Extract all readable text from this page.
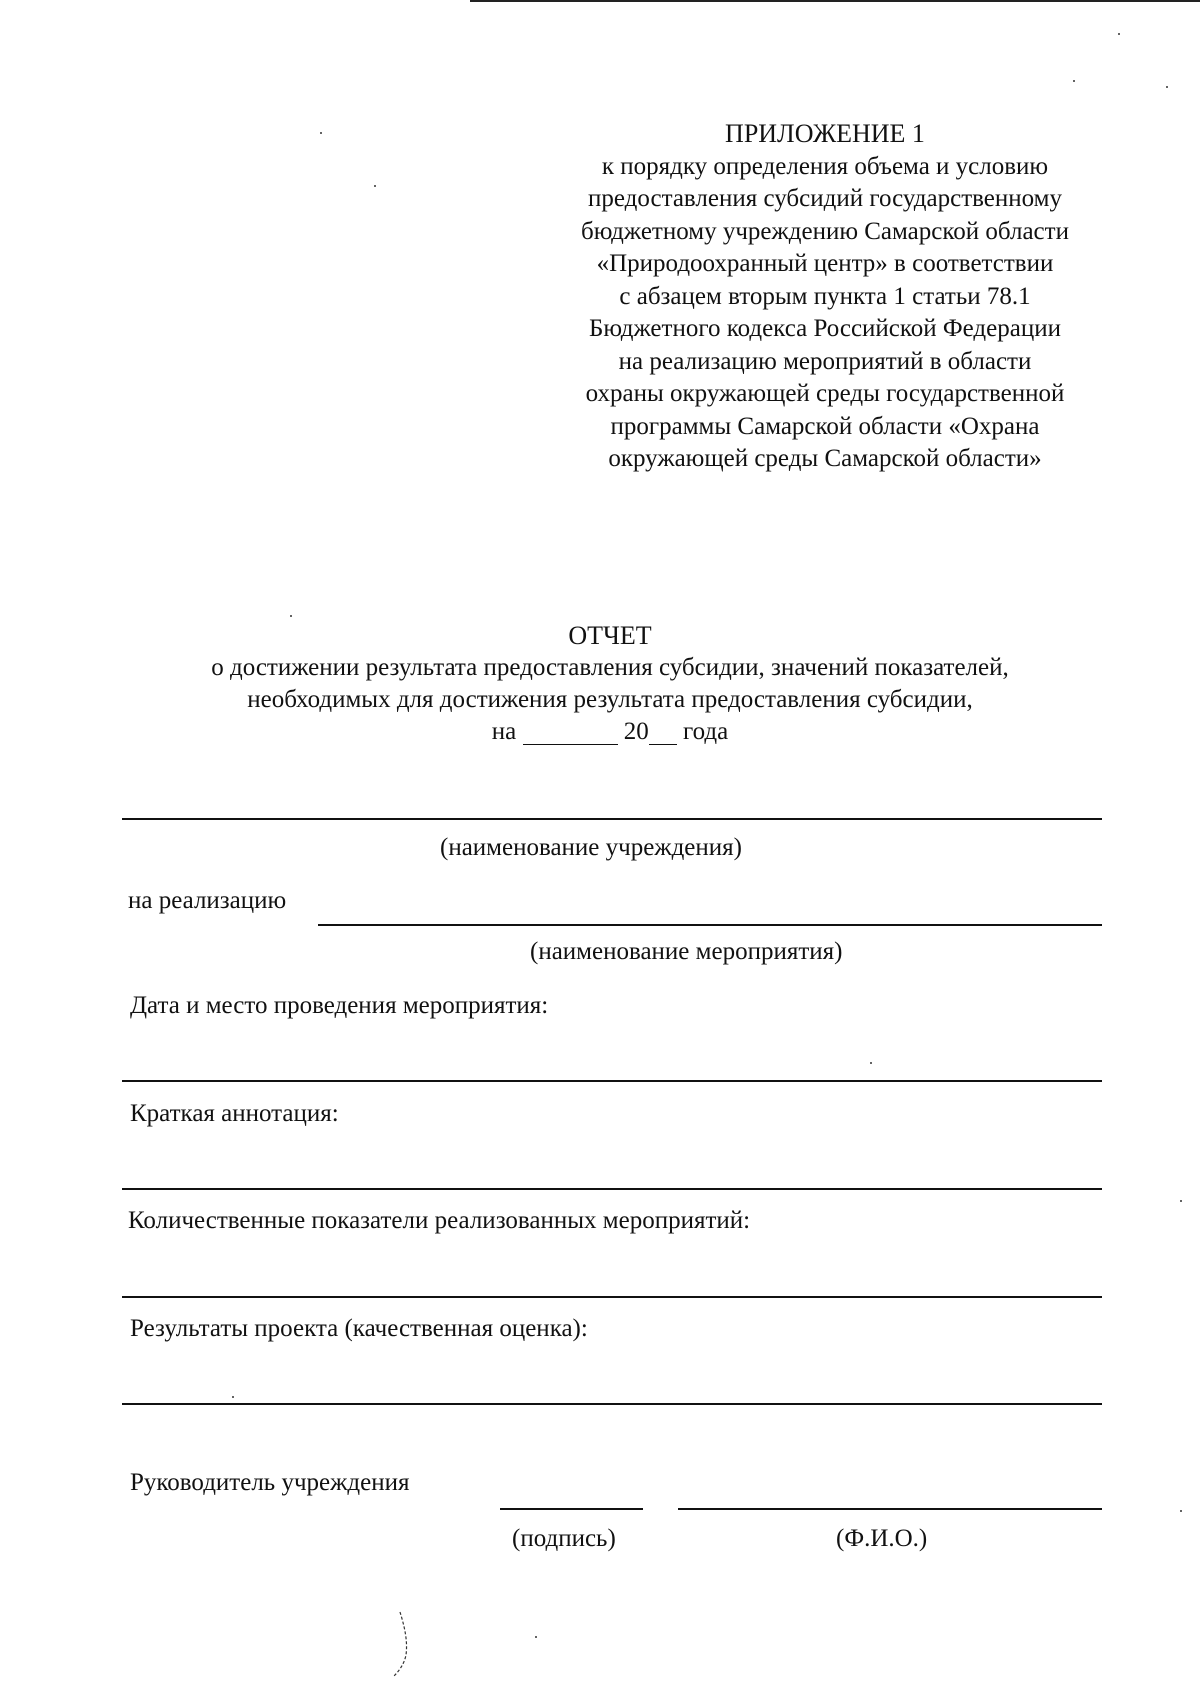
ПРИЛОЖЕНИЕ 1
к порядку определения объема и условию
предоставления субсидий государственному
бюджетному учреждению Самарской области
«Природоохранный центр» в соответствии
с абзацем вторым пункта 1 статьи 78.1
Бюджетного кодекса Российской Федерации
на реализацию мероприятий в области
охраны окружающей среды государственной
программы Самарской области «Охрана
окружающей среды Самарской области»
ОТЧЕТ
о достижении результата предоставления субсидии, значений показателей,
необходимых для достижения результата предоставления субсидии,
на	20 года
(наименование учреждения)
на реализацию
(наименование мероприятия)
Дата и место проведения мероприятия:
Краткая аннотация:
Количественные показатели реализованных мероприятий:
Результаты проекта (качественная оценка):
Руководитель учреждения
(подпись)	(Ф.И.О.)
